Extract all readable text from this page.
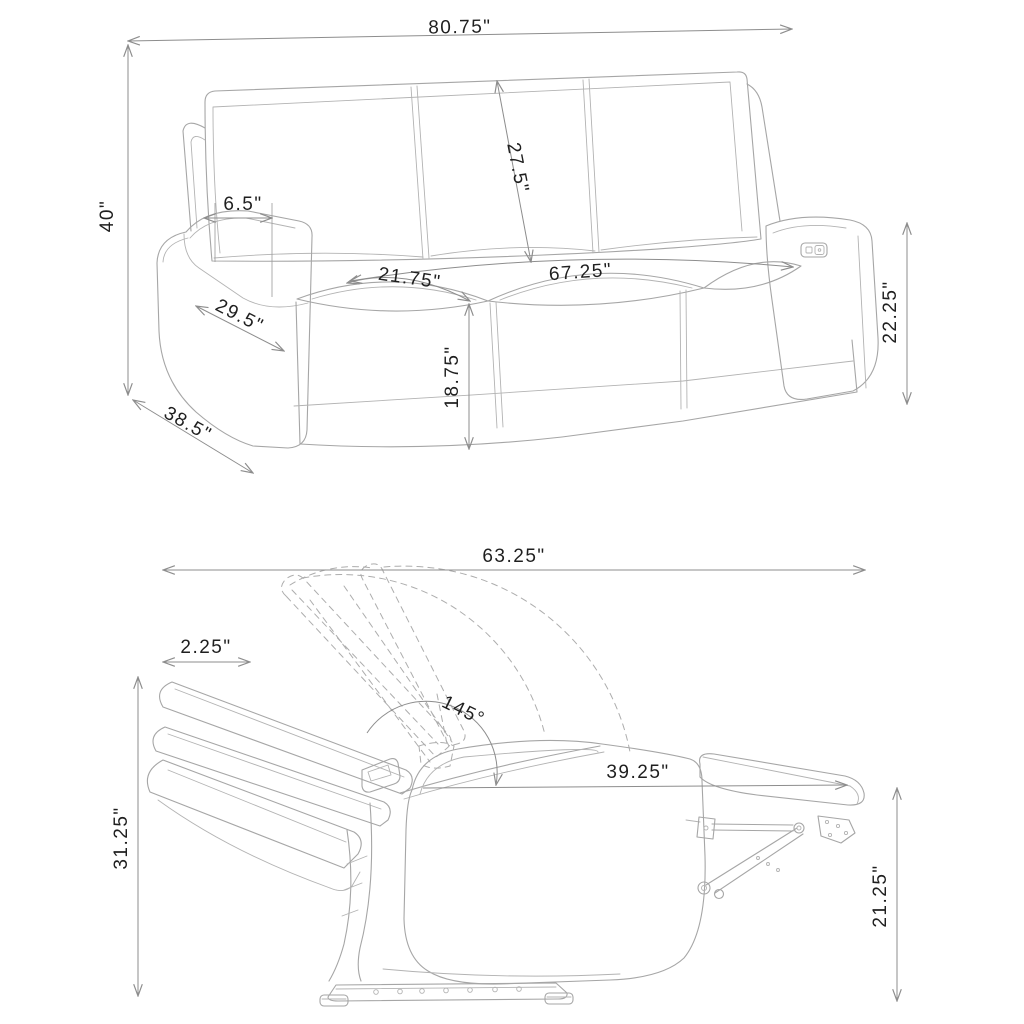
80.75"
40"	6.5"
27.5"
21.75"	67.25"
29.5"
18.75"
22.25"
38.5"
63.25"
2.25"
145°
39.25"
31.25"
21.25"
